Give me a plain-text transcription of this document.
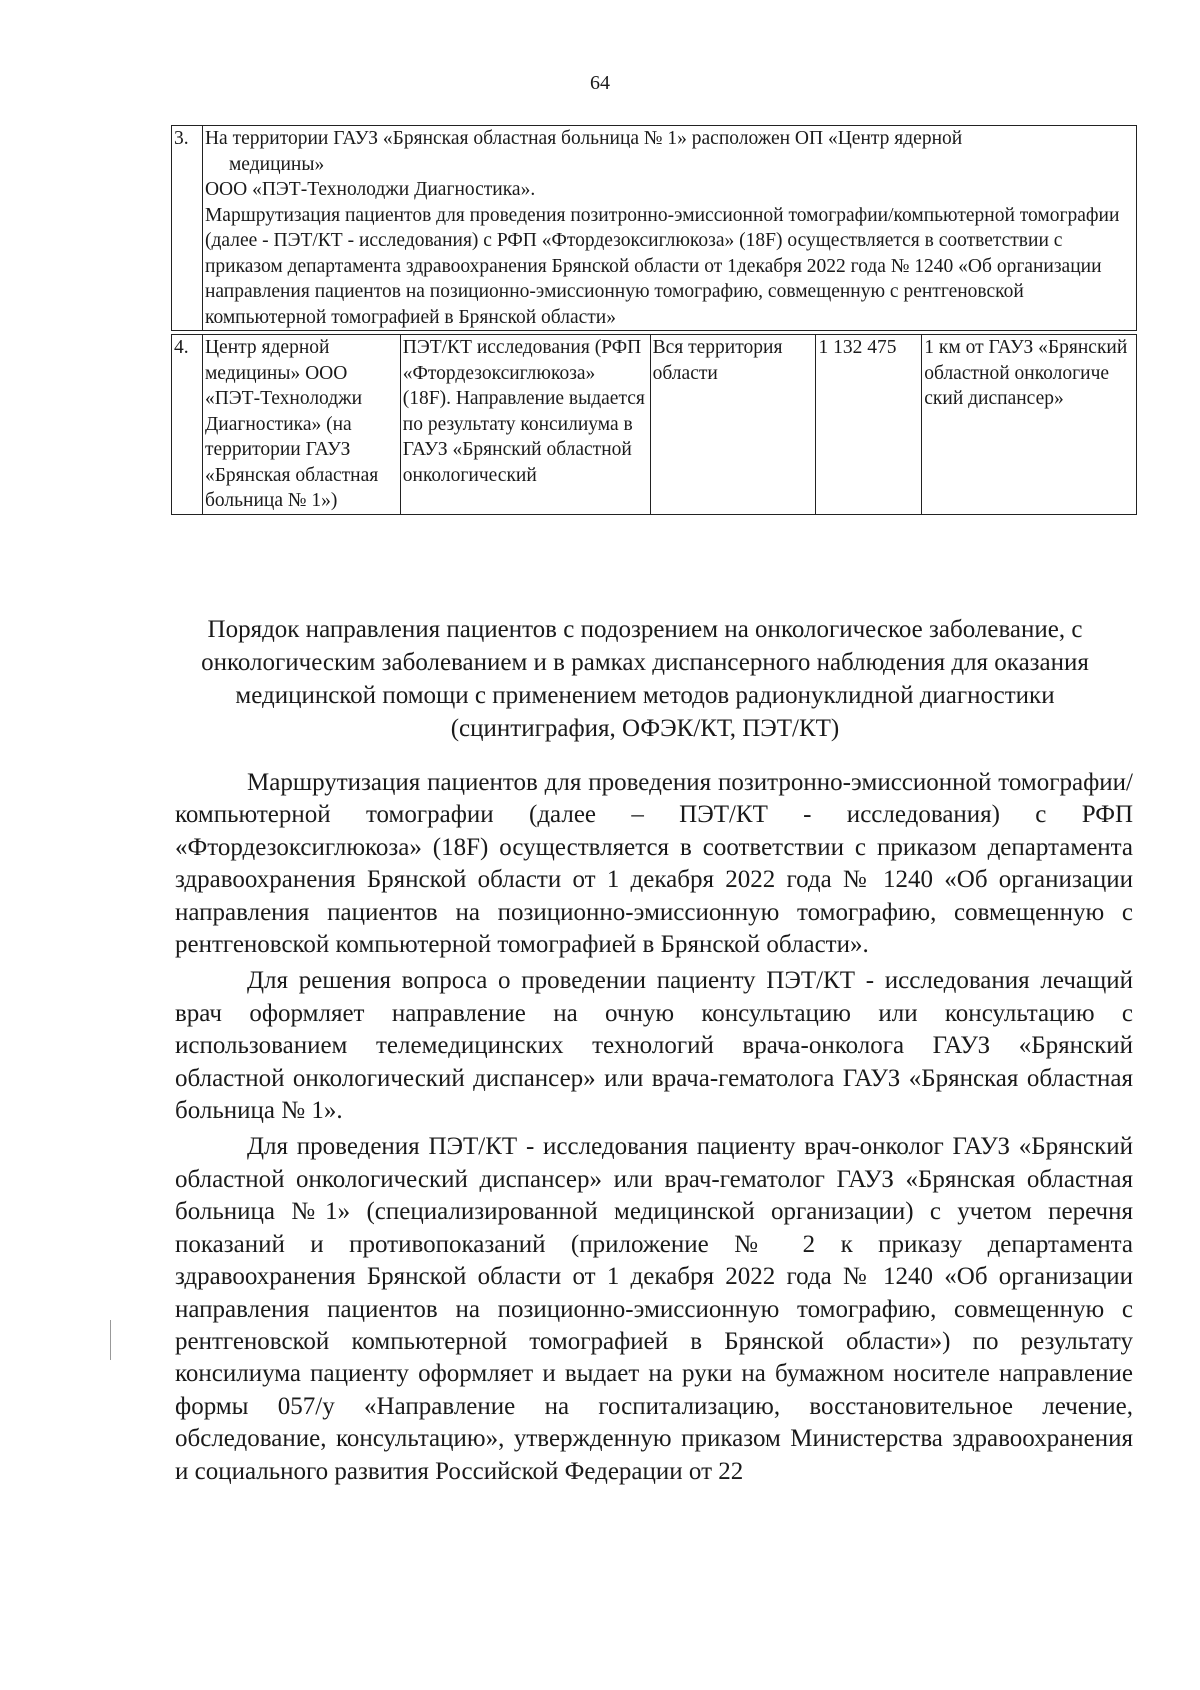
64
3.	На территории ГАУЗ «Брянская областная больница № 1» расположен ОП «Центр ядерной
медицины»
ООО «ПЭТ-Технолоджи Диагностика».
Маршрутизация пациентов для проведения позитронно-эмиссионной томографии/компьютерной томографии (далее - ПЭТ/КТ - исследования) с РФП «Фтордезоксиглюкоза» (18F) осуществляется в соответствии с приказом департамента здравоохранения Брянской области от 1декабря 2022 года № 1240 «Об организации направления пациентов на позиционно-эмиссионную томографию, совмещенную с рентгеновской компьютерной томографией в Брянской области»				

4.	Центр ядерной медицины» ООО «ПЭТ-Технолоджи Диагностика» (на территории ГАУЗ «Брянская областная больница № 1»)	ПЭТ/КТ исследования (РФП «Фтордезоксиглюкоза» (18F). Направление выдается по результату консилиума в ГАУЗ «Брянский областной онкологический	Вся территория области	1 132 475	1 км от ГАУЗ «Брянский областной онкологиче ский диспансер»
Порядок направления пациентов с подозрением на онкологическое заболевание, с онкологическим заболеванием и в рамках диспансерного наблюдения для оказания медицинской помощи с применением методов радионуклидной диагностики (сцинтиграфия, ОФЭК/КТ, ПЭТ/КТ)

Маршрутизация пациентов для проведения позитронно-эмиссионной томографии/компьютерной томографии (далее – ПЭТ/КТ - исследования) с РФП «Фтордезоксиглюкоза» (18F) осуществляется в соответствии с приказом департамента здравоохранения Брянской области от 1 декабря 2022 года № 1240 «Об организации направления пациентов на позиционно-эмиссионную томографию, совмещенную с рентгеновской компьютерной томографией в Брянской области».

Для решения вопроса о проведении пациенту ПЭТ/КТ - исследования лечащий врач оформляет направление на очную консультацию или консультацию с использованием телемедицинских технологий врача-онколога ГАУЗ «Брянский областной онкологический диспансер» или врача-гематолога ГАУЗ «Брянская областная больница № 1».

Для проведения ПЭТ/КТ - исследования пациенту врач-онколог ГАУЗ «Брянский областной онкологический диспансер» или врач-гематолог ГАУЗ «Брянская областная больница №1» (специализированной медицинской организации) с учетом перечня показаний и противопоказаний (приложение № 2 к приказу департамента здравоохранения Брянской области от 1 декабря 2022 года № 1240 «Об организации направления пациентов на позиционно-эмиссионную томографию, совмещенную с рентгеновской компьютерной томографией в Брянской области») по результату консилиума пациенту оформляет и выдает на руки на бумажном носителе направление формы 057/у «Направление на госпитализацию, восстановительное лечение, обследование, консультацию», утвержденную приказом Министерства здравоохранения и социального развития Российской Федерации от 22
